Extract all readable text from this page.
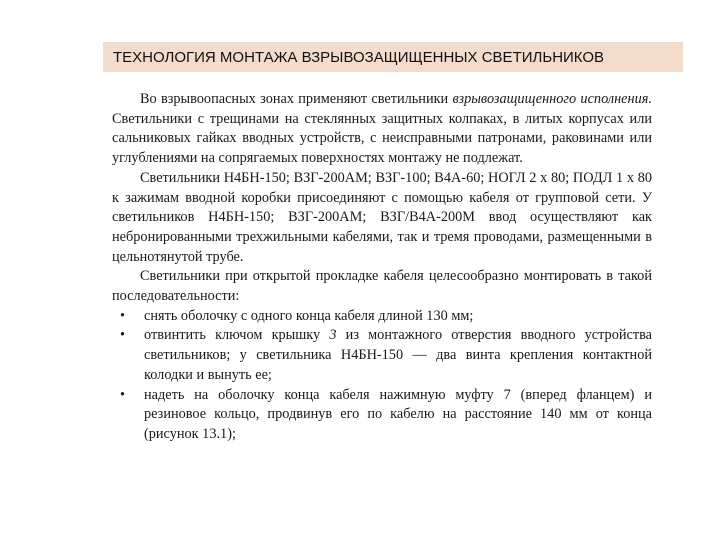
ТЕХНОЛОГИЯ МОНТАЖА ВЗРЫВОЗАЩИЩЕННЫХ СВЕТИЛЬНИКОВ

Во взрывоопасных зонах применяют светильники взрывозащищенного исполнения. Светильники с трещинами на стеклянных защитных колпаках, в литых корпусах или сальниковых гайках вводных устройств, с неисправными патронами, раковинами или углублениями на сопрягаемых поверхностях монтажу не подлежат.

Светильники Н4БН-150; ВЗГ-200АМ; ВЗГ-100; В4А-60; НОГЛ 2 х 80; ПОДЛ 1 х 80 к зажимам вводной коробки присоединяют с помощью кабеля от групповой сети. У светильников Н4БН-150; ВЗГ-200АМ; ВЗГ/В4А-200М ввод осуществляют как небронированными трехжильными кабелями, так и тремя проводами, размещенными в цельнотянутой трубе.

Светильники при открытой прокладке кабеля целесообразно монтировать в такой последовательности:

• снять оболочку с одного конца кабеля длиной 130 мм;
• отвинтить ключом крышку 3 из монтажного отверстия вводного устройства светильников; у светильника Н4БН-150 — два винта крепления контактной колодки и вынуть ее;
• надеть на оболочку конца кабеля нажимную муфту 7 (вперед фланцем) и резиновое кольцо, продвинув его по кабелю на расстояние 140 мм от конца (рисунок 13.1);
